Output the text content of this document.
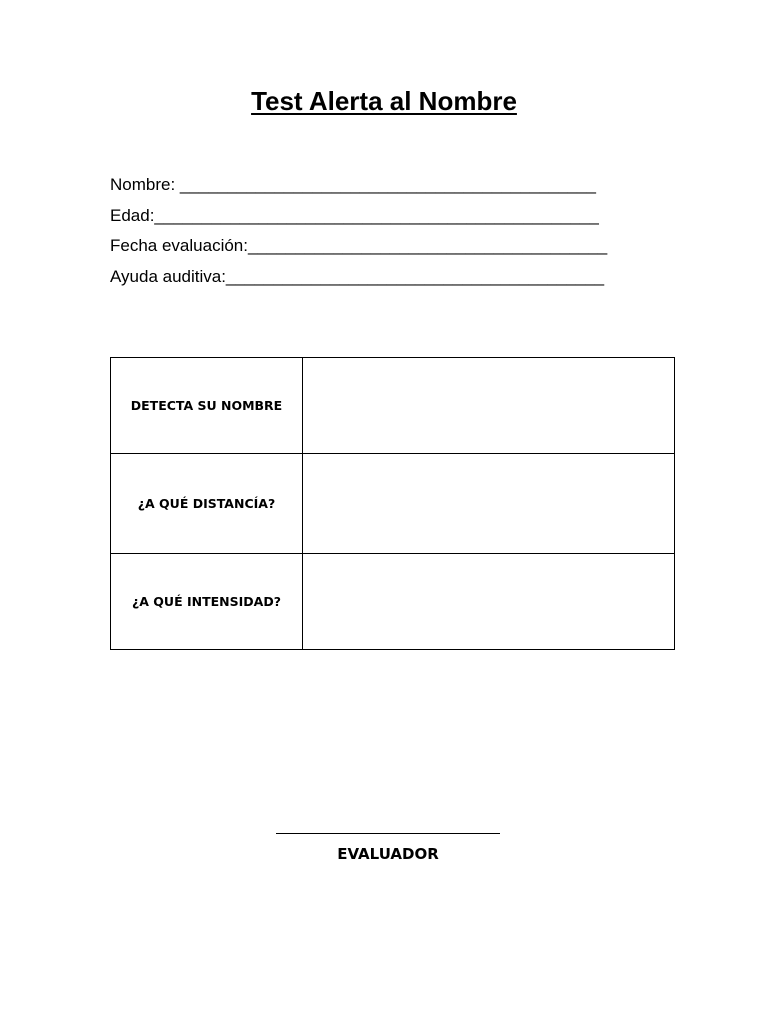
Test Alerta al Nombre
Nombre: ____________________________________________
Edad:_______________________________________________
Fecha evaluación:______________________________________
Ayuda auditiva:________________________________________
DETECTA SU NOMBRE	
¿A QUÉ DISTANCÍA?	
¿A QUÉ INTENSIDAD?	
EVALUADOR
